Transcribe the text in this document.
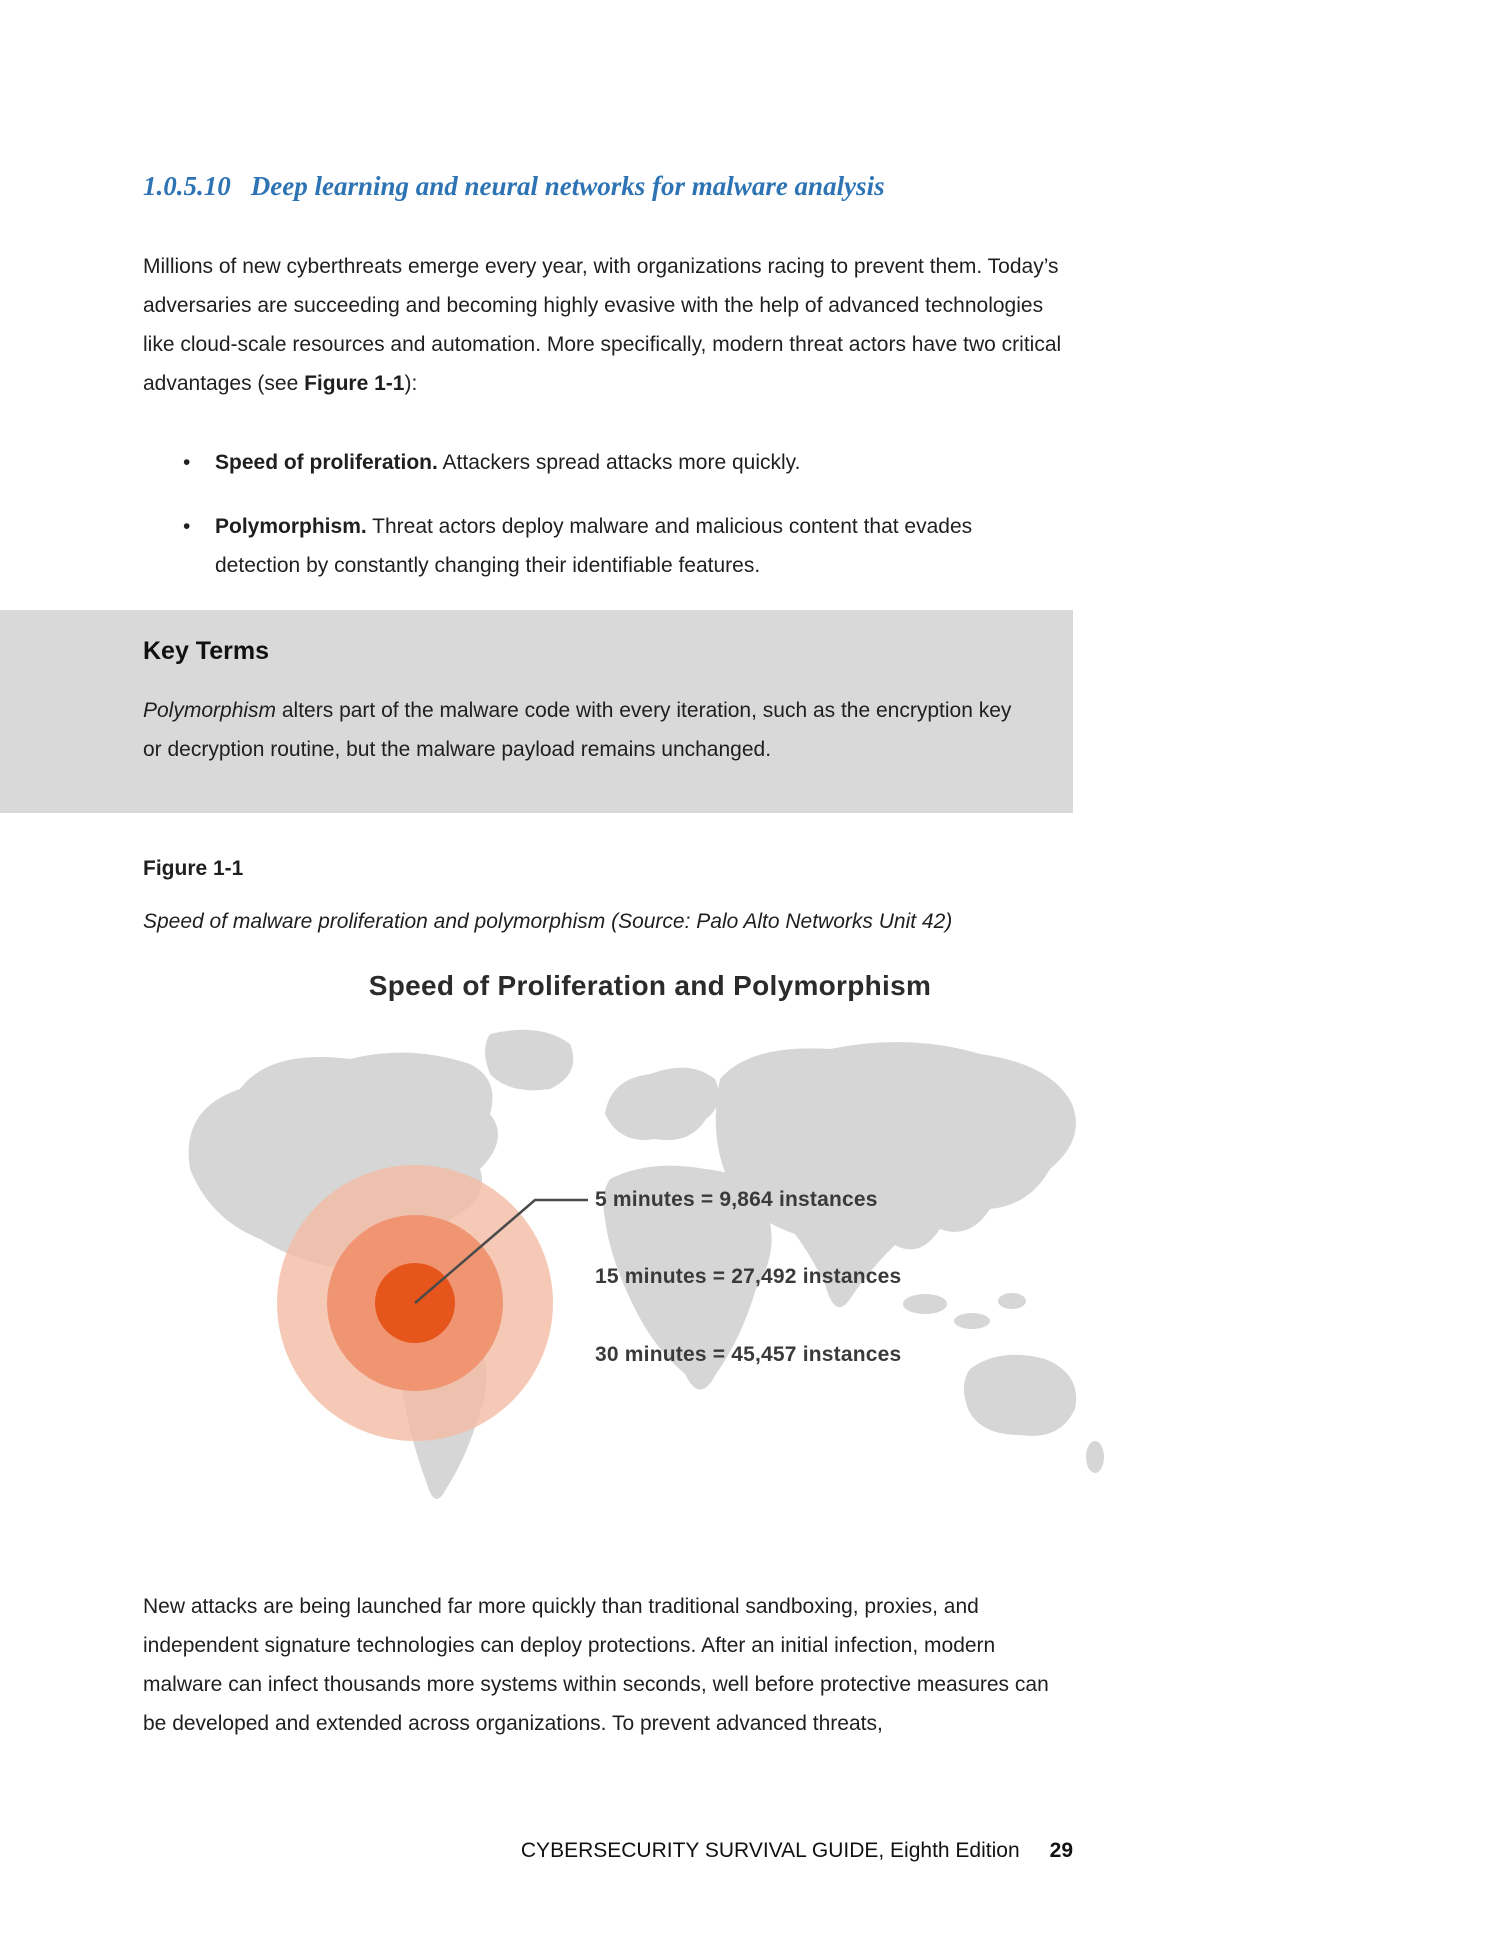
1.0.5.10 Deep learning and neural networks for malware analysis

Millions of new cyberthreats emerge every year, with organizations racing to prevent them. Today’s adversaries are succeeding and becoming highly evasive with the help of advanced technologies like cloud-scale resources and automation. More specifically, modern threat actors have two critical advantages (see Figure 1-1):

• Speed of proliferation. Attackers spread attacks more quickly.
• Polymorphism. Threat actors deploy malware and malicious content that evades detection by constantly changing their identifiable features.
Key Terms

Polymorphism alters part of the malware code with every iteration, such as the encryption key or decryption routine, but the malware payload remains unchanged.

Figure 1-1

Speed of malware proliferation and polymorphism (Source: Palo Alto Networks Unit 42)

Speed of Proliferation and Polymorphism
5 minutes = 9,864 instances
15 minutes = 27,492 instances
30 minutes = 45,457 instances

New attacks are being launched far more quickly than traditional sandboxing, proxies, and independent signature technologies can deploy protections. After an initial infection, modern malware can infect thousands more systems within seconds, well before protective measures can be developed and extended across organizations. To prevent advanced threats,

CYBERSECURITY SURVIVAL GUIDE, Eighth Edition 29
